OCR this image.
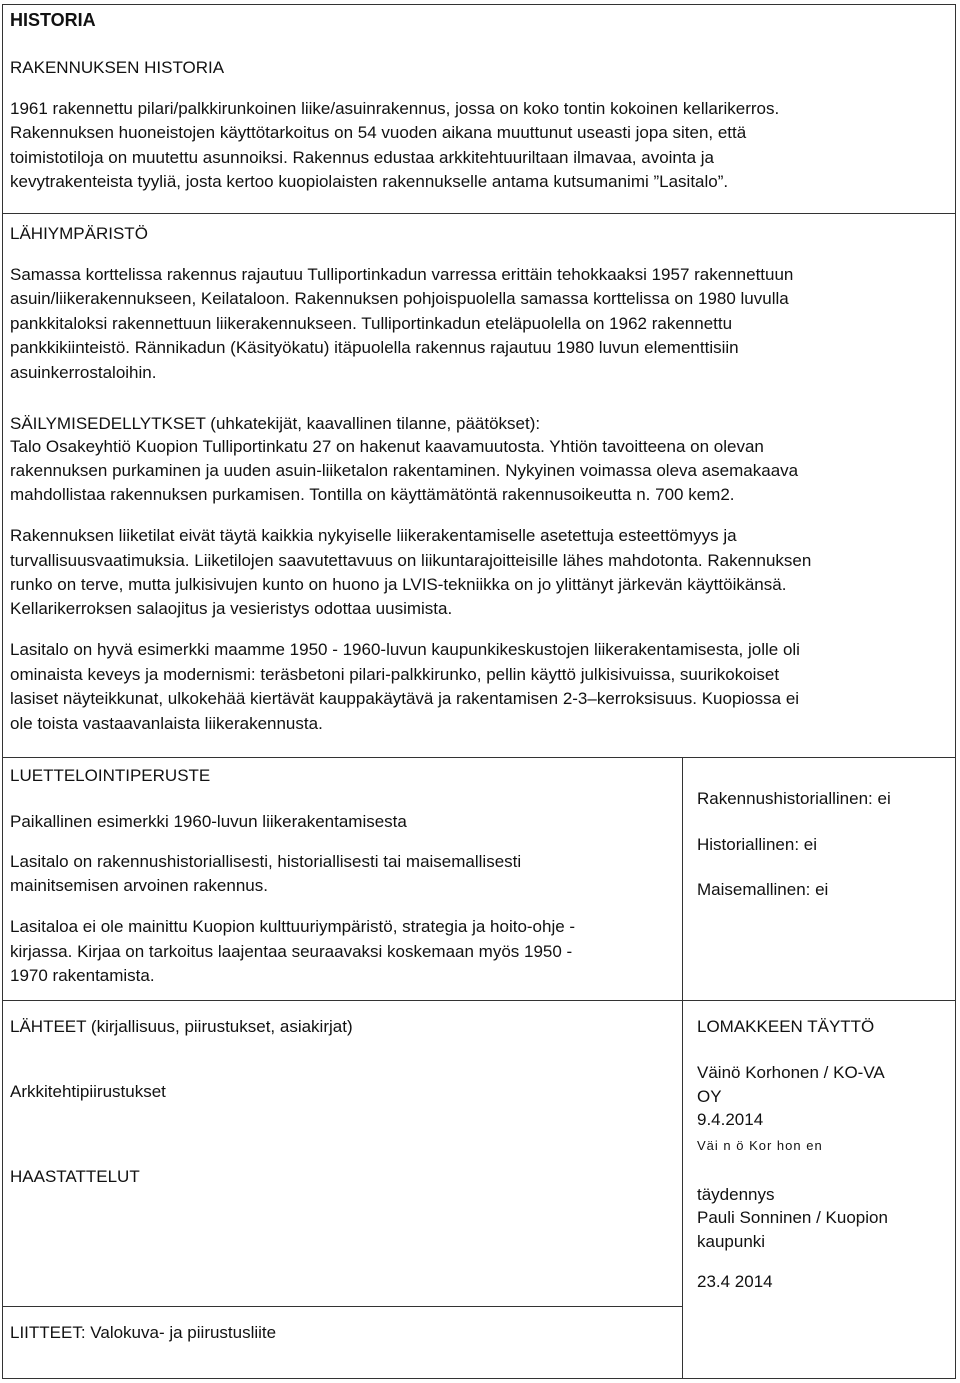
HISTORIA
RAKENNUKSEN HISTORIA
1961 rakennettu pilari/palkkirunkoinen liike/asuinrakennus, jossa on koko tontin kokoinen kellarikerros.
Rakennuksen huoneistojen käyttötarkoitus on 54 vuoden aikana muuttunut useasti jopa siten, että
toimistotiloja on muutettu asunnoiksi. Rakennus edustaa arkkitehtuuriltaan ilmavaa, avointa ja
kevytrakenteista tyyliä, josta kertoo kuopiolaisten rakennukselle antama kutsumanimi ”Lasitalo”.
LÄHIYMPÄRISTÖ
Samassa korttelissa rakennus rajautuu Tulliportinkadun varressa erittäin tehokkaaksi 1957 rakennettuun
asuin/liikerakennukseen, Keilataloon. Rakennuksen pohjoispuolella samassa korttelissa on 1980 luvulla
pankkitaloksi rakennettuun liikerakennukseen. Tulliportinkadun eteläpuolella on 1962 rakennettu
pankkikiinteistö. Rännikadun (Käsityökatu) itäpuolella rakennus rajautuu 1980 luvun elementtisiin
asuinkerrostaloihin.
SÄILYMISEDELLYTKSET (uhkatekijät, kaavallinen tilanne, päätökset):
Talo Osakeyhtiö Kuopion Tulliportinkatu 27 on hakenut kaavamuutosta. Yhtiön tavoitteena on olevan
rakennuksen purkaminen ja uuden asuin-liiketalon rakentaminen. Nykyinen voimassa oleva asemakaava
mahdollistaa rakennuksen purkamisen. Tontilla on käyttämätöntä rakennusoikeutta n. 700 kem2.
Rakennuksen liiketilat eivät täytä kaikkia nykyiselle liikerakentamiselle asetettuja esteettömyys ja
turvallisuusvaatimuksia. Liiketilojen saavutettavuus on liikuntarajoitteisille lähes mahdotonta. Rakennuksen
runko on terve, mutta julkisivujen kunto on huono ja LVIS-tekniikka on jo ylittänyt järkevän käyttöikänsä.
Kellarikerroksen salaojitus ja vesieristys odottaa uusimista.
Lasitalo on hyvä esimerkki maamme 1950 - 1960-luvun kaupunkikeskustojen liikerakentamisesta, jolle oli
ominaista keveys ja modernismi: teräsbetoni pilari-palkkirunko, pellin käyttö julkisivuissa, suurikokoiset
lasiset näyteikkunat, ulkokehää kiertävät kauppakäytävä ja rakentamisen 2-3–kerroksisuus. Kuopiossa ei
ole toista vastaavanlaista liikerakennusta.
LUETTELOINTIPERUSTE
Paikallinen esimerkki 1960-luvun liikerakentamisesta
Lasitalo on rakennushistoriallisesti, historiallisesti tai maisemallisesti
mainitsemisen arvoinen rakennus.
Lasitaloa ei ole mainittu Kuopion kulttuuriympäristö, strategia ja hoito-ohje -
kirjassa. Kirjaa on tarkoitus laajentaa seuraavaksi koskemaan myös 1950 -
1970 rakentamista.
Rakennushistoriallinen: ei
Historiallinen: ei
Maisemallinen: ei
LÄHTEET (kirjallisuus, piirustukset, asiakirjat)
Arkkitehtipiirustukset
HAASTATTELUT
LOMAKKEEN TÄYTTÖ
Väinö Korhonen / KO-VA
OY
9.4.2014
Väi n ö Kor hon en
täydennys
Pauli Sonninen / Kuopion
kaupunki
23.4 2014
LIITTEET: Valokuva- ja piirustusliite
